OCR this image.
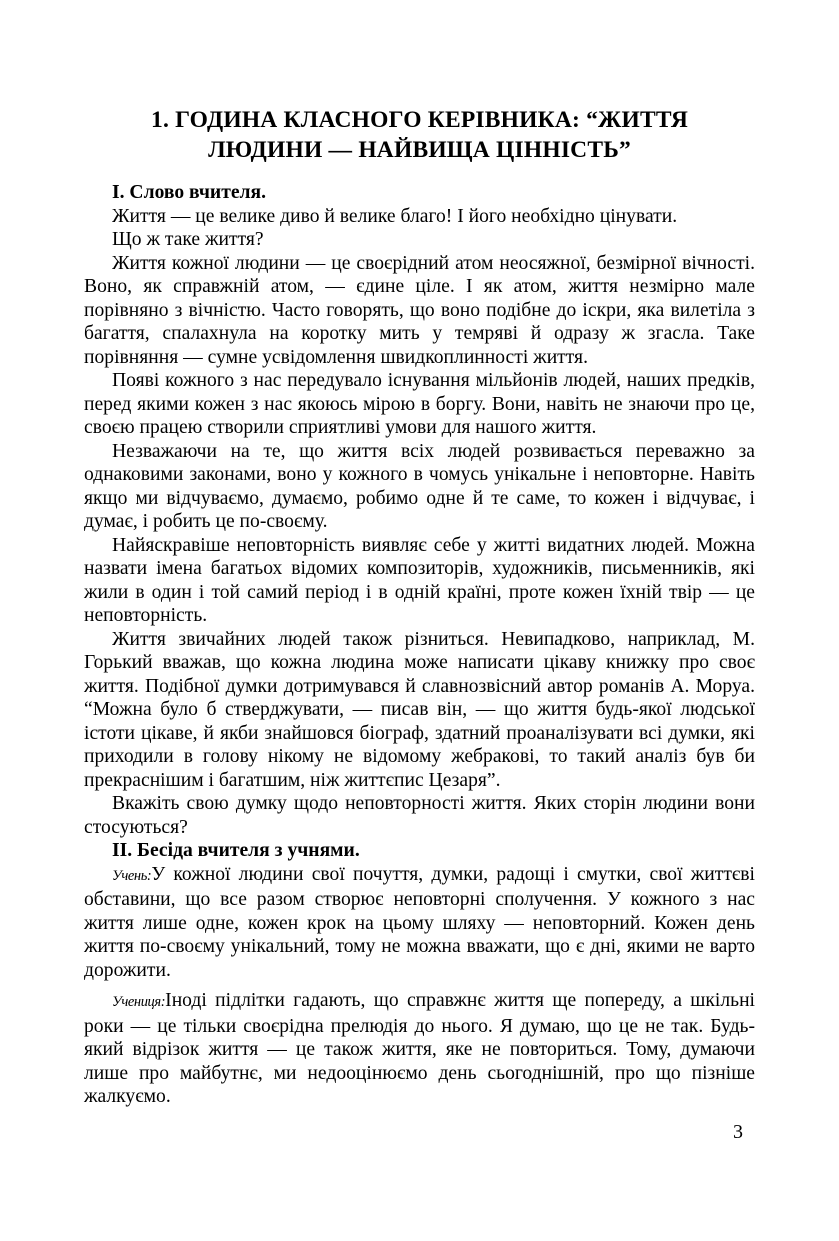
1. ГОДИНА КЛАСНОГО КЕРІВНИКА: “ЖИТТЯ
ЛЮДИНИ — НАЙВИЩА ЦІННІСТЬ”

І. Слово вчителя.

Життя — це велике диво й велике благо! І його необхідно цінувати.

Що ж таке життя?

Життя кожної людини — це своєрідний атом неосяжної, безмірної вічності. Воно, як справжній атом, — єдине ціле. І як атом, життя незмірно мале порівняно з вічністю. Часто говорять, що воно подібне до іскри, яка вилетіла з багаття, спалахнула на коротку мить у темряві й одразу ж згасла. Таке порівняння — сумне усвідомлення швидкоплинності життя.

Появі кожного з нас передувало існування мільйонів людей, наших предків, перед якими кожен з нас якоюсь мірою в боргу. Вони, навіть не знаючи про це, своєю працею створили сприятливі умови для нашого життя.

Незважаючи на те, що життя всіх людей розвивається переважно за однаковими законами, воно у кожного в чомусь унікальне і неповторне. Навіть якщо ми відчуваємо, думаємо, робимо одне й те саме, то кожен і відчуває, і думає, і робить це по-своєму.

Найяскравіше неповторність виявляє себе у житті видатних людей. Можна назвати імена багатьох відомих композиторів, художників, письменників, які жили в один і той самий період і в одній країні, проте кожен їхній твір — це неповторність.

Життя звичайних людей також різниться. Невипадково, наприклад, М. Горький вважав, що кожна людина може написати цікаву книжку про своє життя. Подібної думки дотримувався й славнозвісний автор романів А. Моруа. “Можна було б стверджувати, — писав він, — що життя будь-якої людської істоти цікаве, й якби знайшовся біограф, здатний проаналізувати всі думки, які приходили в голову нікому не відомому жебракові, то такий аналіз був би прекраснішим і багатшим, ніж життєпис Цезаря”.

Вкажіть свою думку щодо неповторності життя. Яких сторін людини вони стосуються?

ІІ. Бесіда вчителя з учнями.

Учень:У кожної людини свої почуття, думки, радощі і смутки, свої життєві обставини, що все разом створює неповторні сполучення. У кожного з нас життя лише одне, кожен крок на цьому шляху — неповторний. Кожен день життя по-своєму унікальний, тому не можна вважати, що є дні, якими не варто дорожити.

Учениця:Іноді підлітки гадають, що справжнє життя ще попереду, а шкільні роки — це тільки своєрідна прелюдія до нього. Я думаю, що це не так. Будь-який відрізок життя — це також життя, яке не повториться. Тому, думаючи лише про майбутнє, ми недооцінюємо день сьогоднішній, про що пізніше жалкуємо.

3
